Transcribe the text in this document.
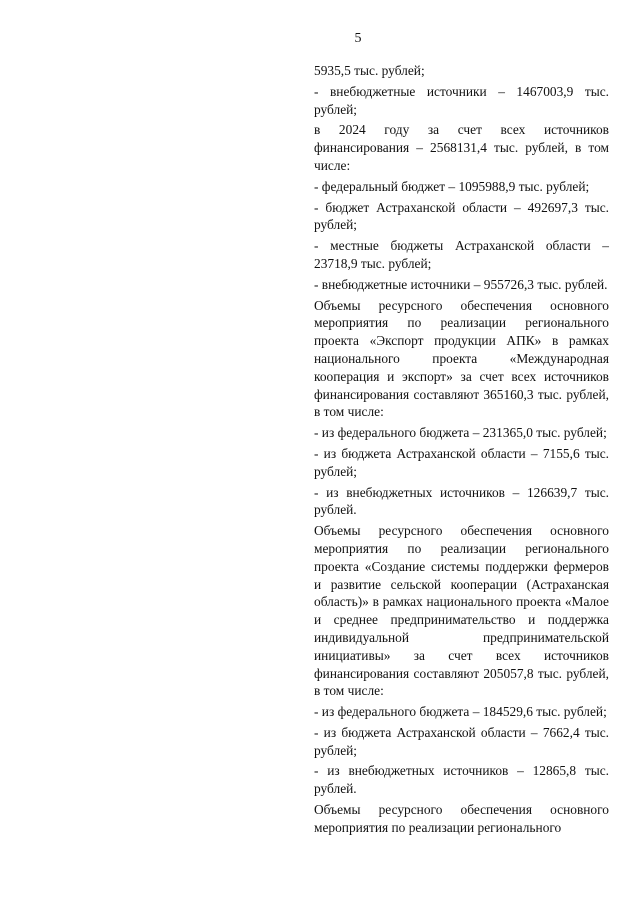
5

5935,5 тыс. рублей;

- внебюджетные источники – 1467003,9 тыс. рублей;

в 2024 году за счет всех источников финансирования – 2568131,4 тыс. рублей, в том числе:

- федеральный бюджет – 1095988,9 тыс. рублей;

- бюджет Астраханской области – 492697,3 тыс. рублей;

- местные бюджеты Астраханской области – 23718,9 тыс. рублей;

- внебюджетные источники – 955726,3 тыс. рублей.

Объемы ресурсного обеспечения основного мероприятия по реализации регионального проекта «Экспорт продукции АПК» в рамках национального проекта «Международная кооперация и экспорт» за счет всех источников финансирования составляют 365160,3 тыс. рублей, в том числе:

- из федерального бюджета – 231365,0 тыс. рублей;

- из бюджета Астраханской области – 7155,6 тыс. рублей;

- из внебюджетных источников – 126639,7 тыс. рублей.

Объемы ресурсного обеспечения основного мероприятия по реализации регионального проекта «Создание системы поддержки фермеров и развитие сельской кооперации (Астраханская область)» в рамках национального проекта «Малое и среднее предпринимательство и поддержка индивидуальной предпринимательской инициативы» за счет всех источников финансирования составляют 205057,8 тыс. рублей, в том числе:

- из федерального бюджета – 184529,6 тыс. рублей;

- из бюджета Астраханской области – 7662,4 тыс. рублей;

- из внебюджетных источников – 12865,8 тыс. рублей.

Объемы ресурсного обеспечения основного мероприятия по реализации регионального
